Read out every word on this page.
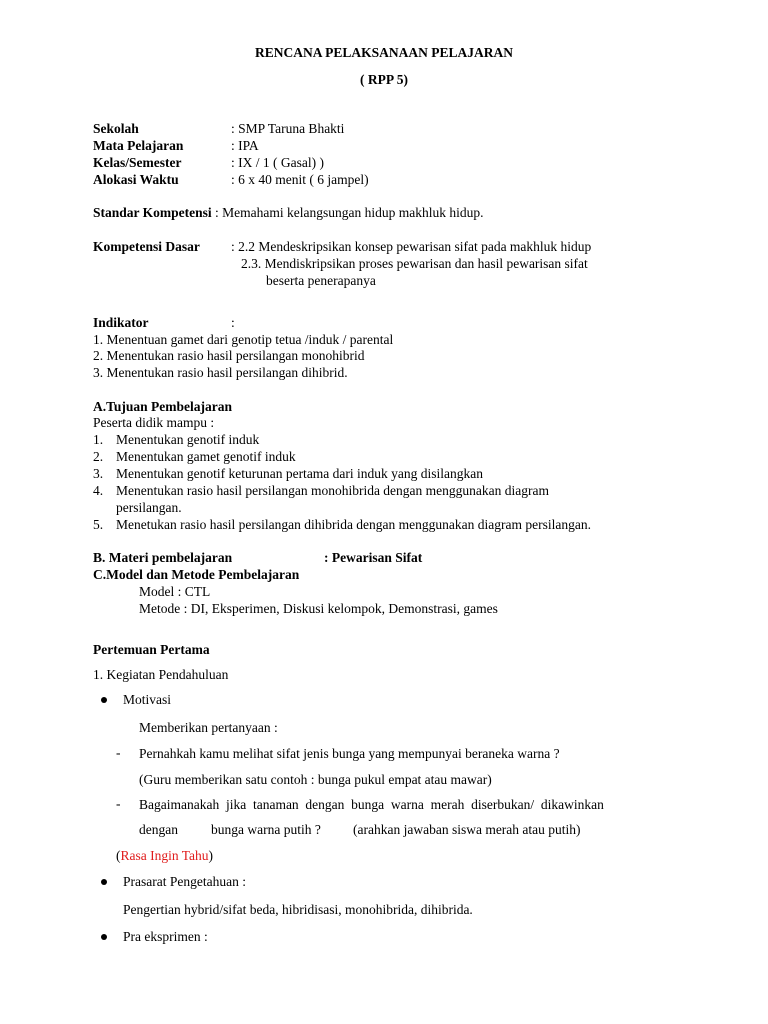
RENCANA PELAKSANAAN PELAJARAN
( RPP 5)
Sekolah	: SMP Taruna Bhakti
Mata Pelajaran	: IPA
Kelas/Semester	: IX / 1 ( Gasal) )
Alokasi Waktu	: 6 x 40 menit ( 6 jampel)
Standar Kompetensi : Memahami kelangsungan hidup makhluk hidup.
Kompetensi Dasar : 2.2 Mendeskripsikan konsep pewarisan sifat pada makhluk hidup
2.3. Mendiskripsikan proses pewarisan dan hasil pewarisan sifat
beserta penerapanya
Indikator	:
1. Menentuan gamet dari genotip tetua /induk / parental
2. Menentukan rasio hasil persilangan monohibrid
3. Menentukan rasio hasil persilangan dihibrid.
A.Tujuan Pembelajaran
Peserta didik mampu :
1. Menentukan genotif induk
2. Menentukan gamet genotif induk
3. Menentukan genotif keturunan pertama dari induk yang disilangkan
4. Menentukan rasio hasil persilangan monohibrida dengan menggunakan diagram
persilangan.
5. Menetukan rasio hasil persilangan dihibrida dengan menggunakan diagram persilangan.
B. Materi pembelajaran	: Pewarisan Sifat
C.Model dan Metode Pembelajaran
Model : CTL
Metode : DI, Eksperimen, Diskusi kelompok, Demonstrasi, games
Pertemuan Pertama
1. Kegiatan Pendahuluan
Motivasi
Memberikan pertanyaan :
- Pernahkah kamu melihat sifat jenis bunga yang mempunyai beraneka warna ?
(Guru memberikan satu contoh : bunga pukul empat atau mawar)
- Bagaimanakah  jika  tanaman  dengan  bunga  warna  merah  diserbukan/  dikawinkan
dengan bunga warna putih ? (arahkan jawaban siswa merah atau putih)
(Rasa Ingin Tahu)
Prasarat Pengetahuan :
Pengertian hybrid/sifat beda, hibridisasi, monohibrida, dihibrida.
Pra eksprimen :
